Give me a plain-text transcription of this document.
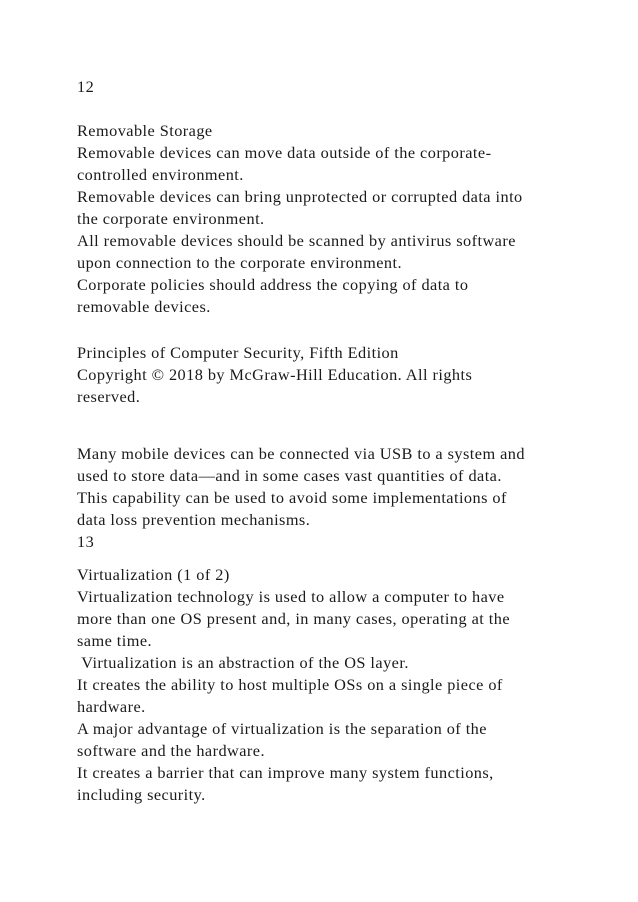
12
Removable Storage
Removable devices can move data outside of the corporate-
controlled environment.
Removable devices can bring unprotected or corrupted data into
the corporate environment.
All removable devices should be scanned by antivirus software
upon connection to the corporate environment.
Corporate policies should address the copying of data to
removable devices.
Principles of Computer Security, Fifth Edition
Copyright © 2018 by McGraw-Hill Education. All rights
reserved.
Many mobile devices can be connected via USB to a system and
used to store data—and in some cases vast quantities of data.
This capability can be used to avoid some implementations of
data loss prevention mechanisms.
13
Virtualization (1 of 2)
Virtualization technology is used to allow a computer to have
more than one OS present and, in many cases, operating at the
same time.
Virtualization is an abstraction of the OS layer.
It creates the ability to host multiple OSs on a single piece of
hardware.
A major advantage of virtualization is the separation of the
software and the hardware.
It creates a barrier that can improve many system functions,
including security.
